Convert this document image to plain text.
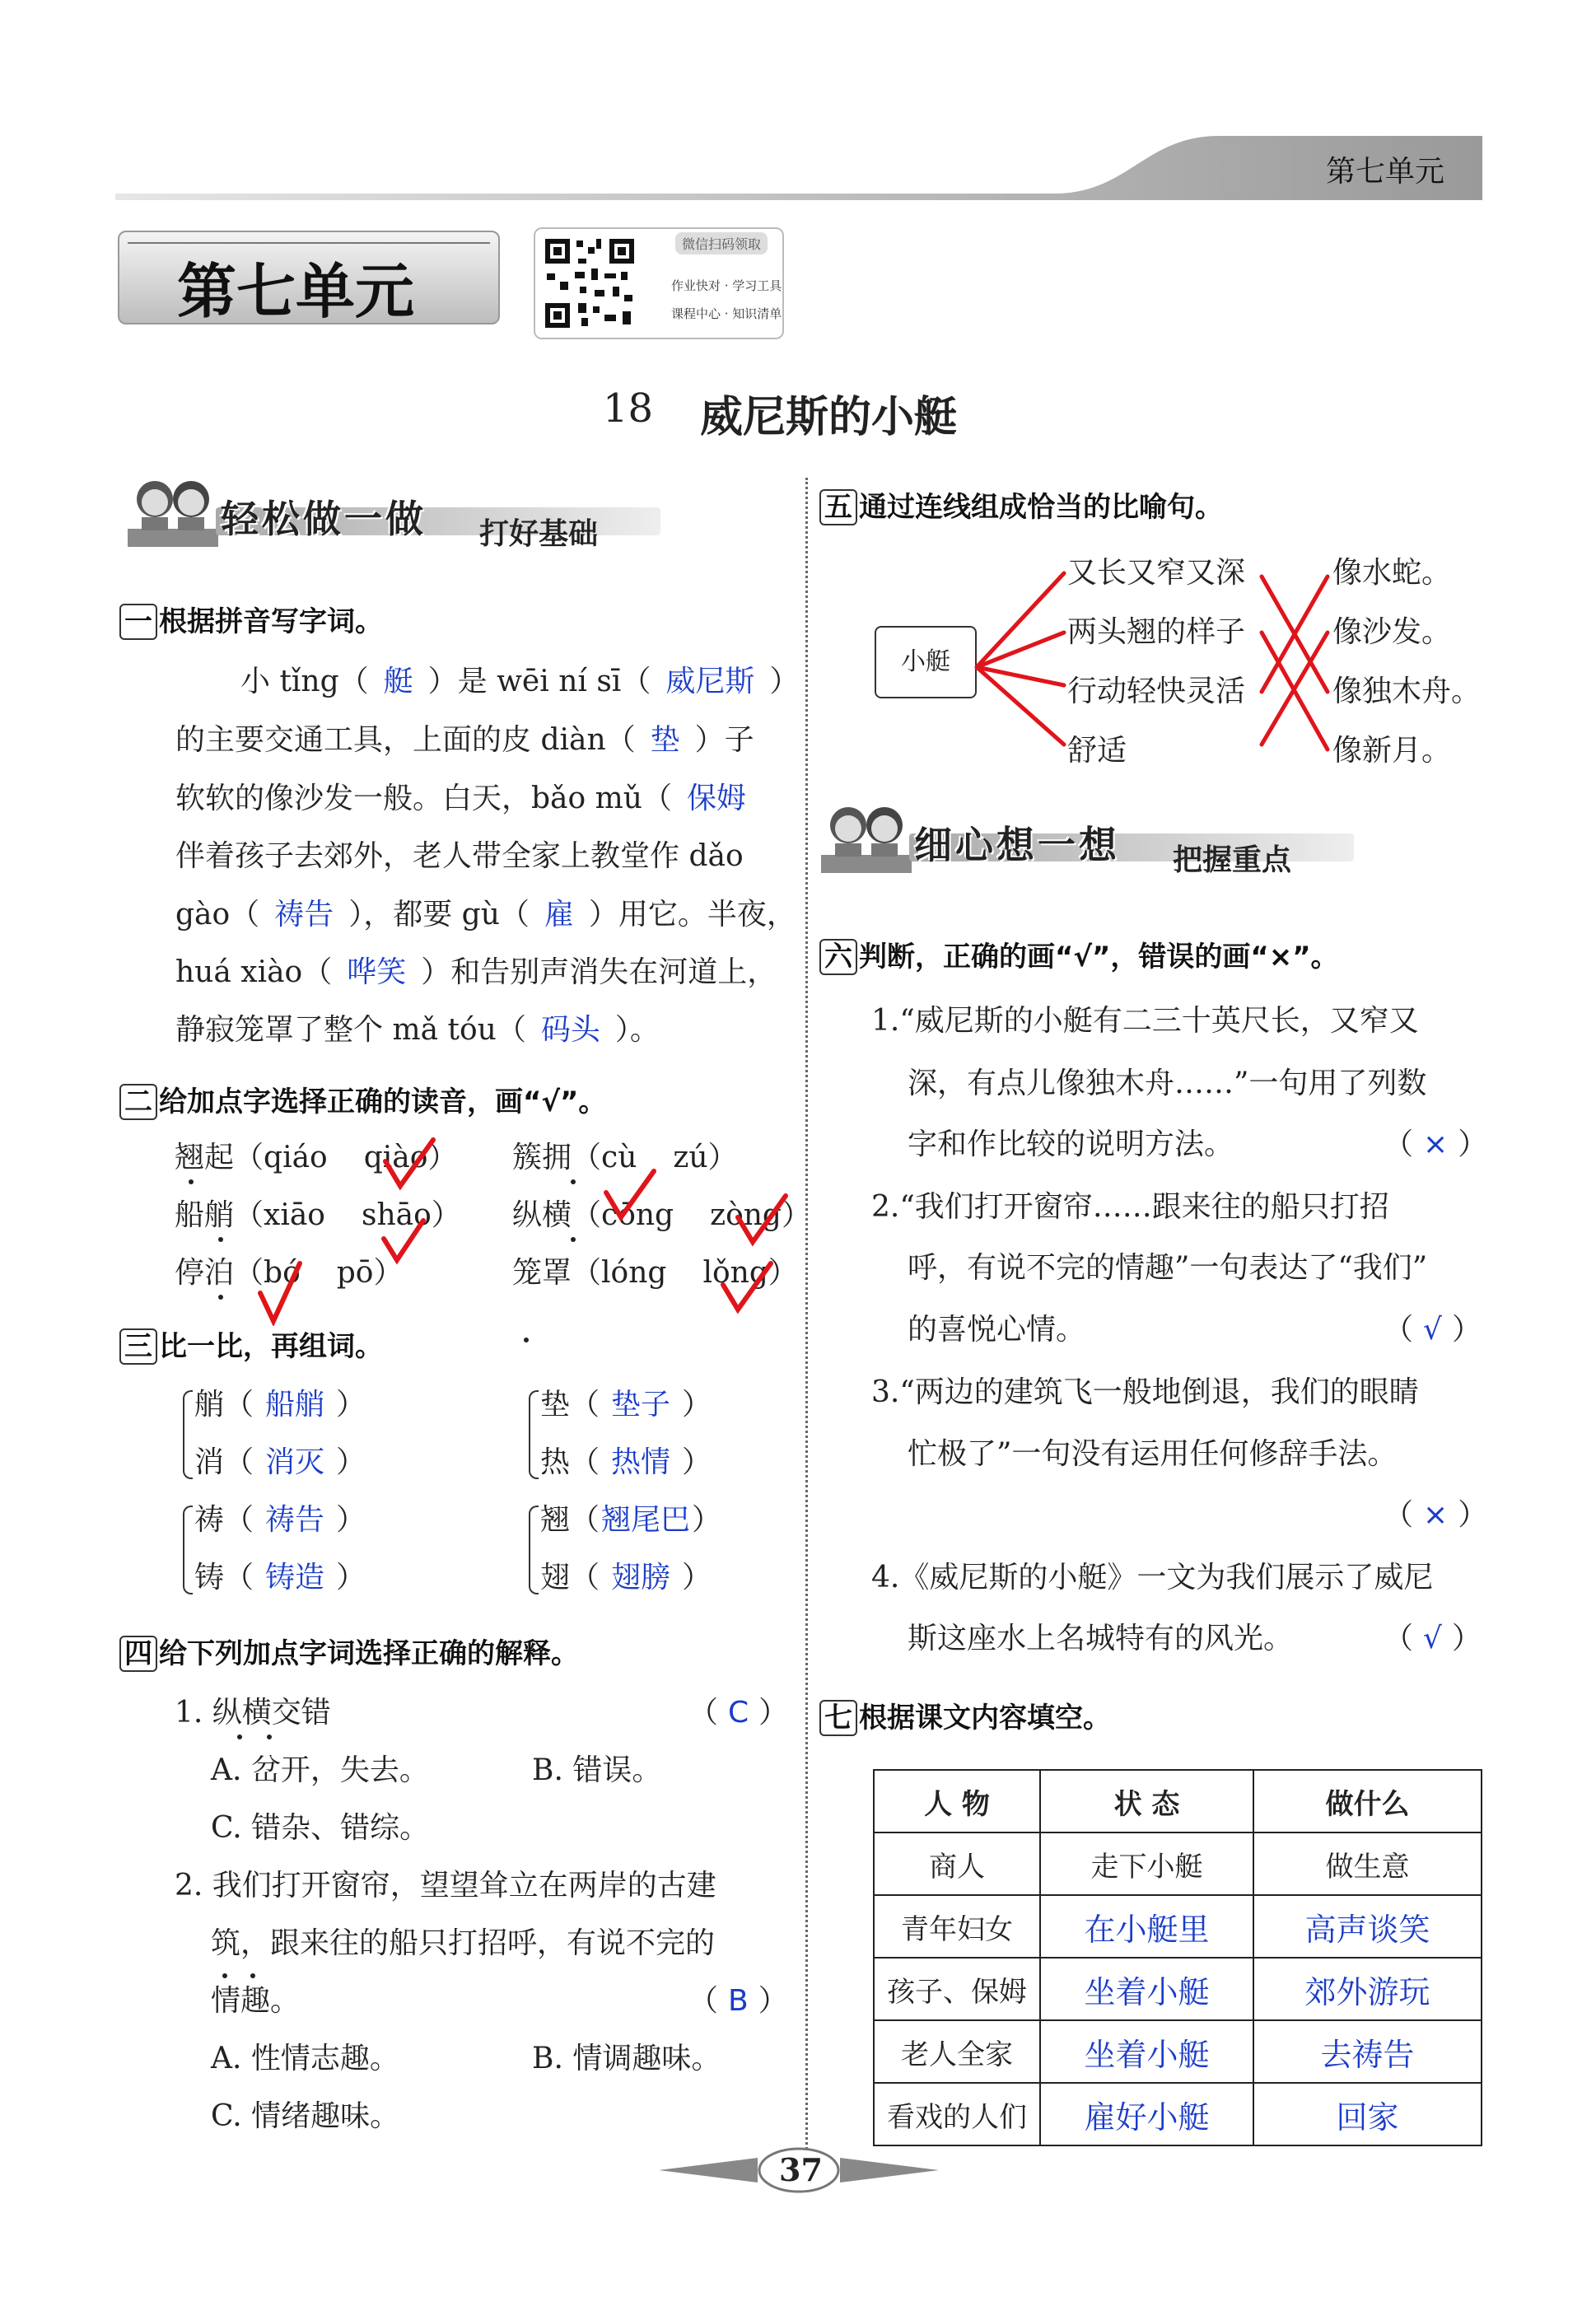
第七单元
第七单元
微信扫码领取
作业快对 · 学习工具
课程中心 · 知识清单
18 威尼斯的小艇
轻松做一做 打好基础
一 根据拼音写字词。
小 tǐng（ 艇 ）是 wēi ní sī（ 威尼斯 ）
的主要交通工具，上面的皮 diàn（ 垫 ）子
软软的像沙发一般。白天，bǎo mǔ（ 保姆
伴着孩子去郊外，老人带全家上教堂作 dǎo
gào（ 祷告 ），都要 gù（ 雇 ）用它。半夜，
huá xiào（ 哗笑 ）和告别声消失在河道上，
静寂笼罩了整个 mǎ tóu（ 码头 ）。
二 给加点字选择正确的读音，画“√”。
翘起（qiáo qiào） 簇拥（cù zú）
船艄（xiāo shāo） 纵横（cōng zòng）
停泊（bó pō）	笼罩（lóng lǒng）
三 比一比，再组词。
艄（ 船艄 ）
消（ 消灭 ）
垫（ 垫子 ）
热（ 热情 ）
祷（ 祷告 ）
铸（ 铸造 ）
翘（翘尾巴）
翅（ 翅膀 ）
四 给下列加点字词选择正确的解释。
1. 纵横交错	（ C ）
A. 岔开，失去。	B. 错误。
C. 错杂、错综。
2. 我们打开窗帘，望望耸立在两岸的古建
筑，跟来往的船只打招呼，有说不完的
情趣。	（ B ）
A. 性情志趣。	B. 情调趣味。
C. 情绪趣味。
五 通过连线组成恰当的比喻句。
小艇
又长又窄又深
两头翘的样子
行动轻快灵活
舒适
像水蛇。
像沙发。
像独木舟。
像新月。
细心想一想 把握重点
六 判断，正确的画“√”，错误的画“×”。
1.“威尼斯的小艇有二三十英尺长，又窄又
深，有点儿像独木舟……”一句用了列数
字和作比较的说明方法。	（ × ）
2.“我们打开窗帘……跟来往的船只打招
呼，有说不完的情趣”一句表达了“我们”
的喜悦心情。	（ √ ）
3.“两边的建筑飞一般地倒退，我们的眼睛
忙极了”一句没有运用任何修辞手法。
（ × ）
4.《威尼斯的小艇》一文为我们展示了威尼
斯这座水上名城特有的风光。	（ √ ）
七 根据课文内容填空。
人 物	状 态	做什么
商人	走下小艇	做生意
青年妇女	在小艇里	高声谈笑
孩子、保姆	坐着小艇	郊外游玩
老人全家	坐着小艇	去祷告
看戏的人们	雇好小艇	回家
37
